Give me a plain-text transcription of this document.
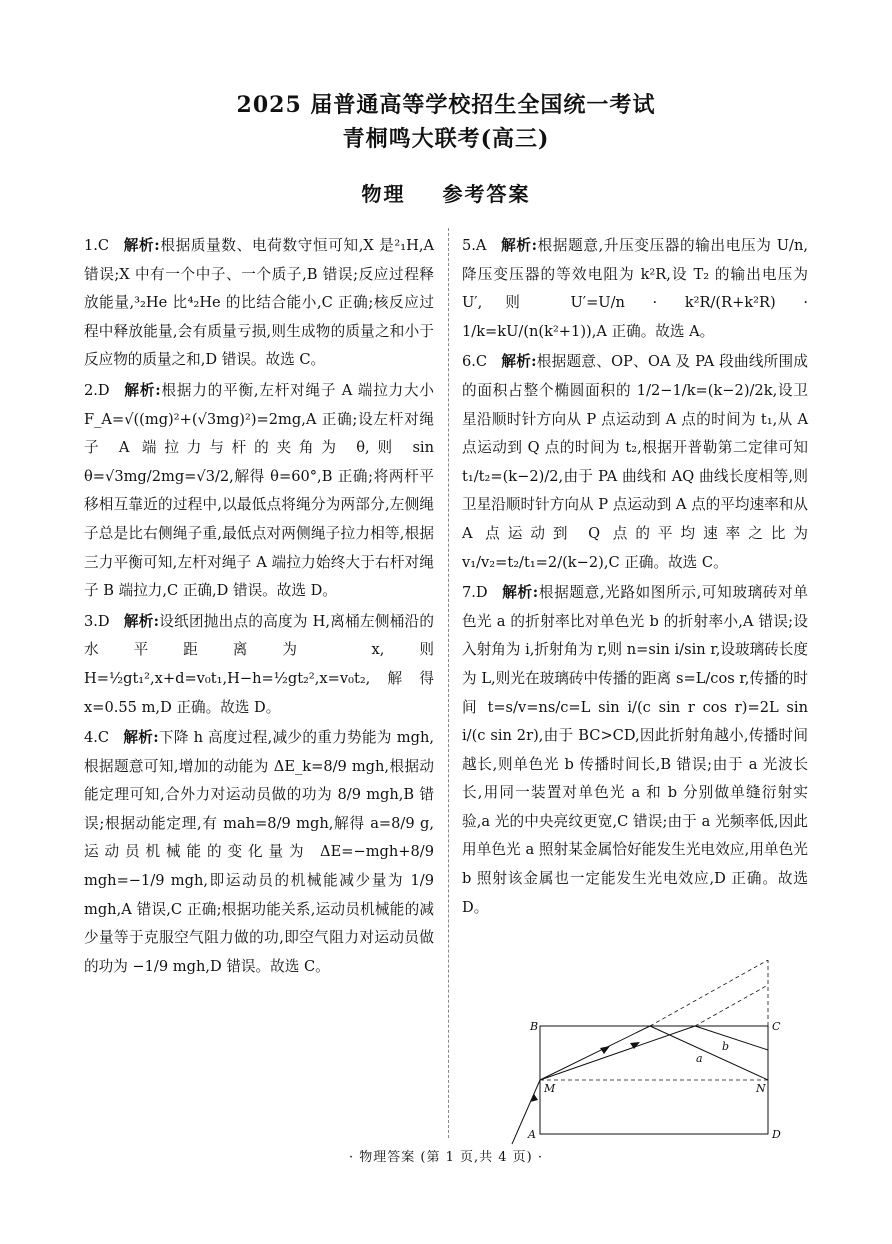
2025 届普通高等学校招生全国统一考试
青桐鸣大联考(高三)
物理 参考答案

1.C 解析:根据质量数、电荷数守恒可知,X 是²₁H,A 错误;X 中有一个中子、一个质子,B 错误;反应过程释放能量,³₂He 比⁴₂He 的比结合能小,C 正确;核反应过程中释放能量,会有质量亏损,则生成物的质量之和小于反应物的质量之和,D 错误。故选 C。

2.D 解析:根据力的平衡,左杆对绳子 A 端拉力大小 F_A=√((mg)²+(√3mg)²)=2mg,A 正确;设左杆对绳子 A 端拉力与杆的夹角为 θ,则 sin θ=√3mg/2mg=√3/2,解得 θ=60°,B 正确;将两杆平移相互靠近的过程中,以最低点将绳分为两部分,左侧绳子总是比右侧绳子重,最低点对两侧绳子拉力相等,根据三力平衡可知,左杆对绳子 A 端拉力始终大于右杆对绳子 B 端拉力,C 正确,D 错误。故选 D。

3.D 解析:设纸团抛出点的高度为 H,离桶左侧桶沿的水平距离为 x,则 H=½gt₁²,x+d=v₀t₁,H−h=½gt₂²,x=v₀t₂,解得 x=0.55 m,D 正确。故选 D。

4.C 解析:下降 h 高度过程,减少的重力势能为 mgh,根据题意可知,增加的动能为 ΔE_k=8/9 mgh,根据动能定理可知,合外力对运动员做的功为 8/9 mgh,B 错误;根据动能定理,有 mah=8/9 mgh,解得 a=8/9 g,运动员机械能的变化量为 ΔE=−mgh+8/9 mgh=−1/9 mgh,即运动员的机械能减少量为 1/9 mgh,A 错误,C 正确;根据功能关系,运动员机械能的减少量等于克服空气阻力做的功,即空气阻力对运动员做的功为 −1/9 mgh,D 错误。故选 C。

5.A 解析:根据题意,升压变压器的输出电压为 U/n,降压变压器的等效电阻为 k²R,设 T₂ 的输出电压为 U′,则 U′=U/n · k²R/(R+k²R) · 1/k=kU/(n(k²+1)),A 正确。故选 A。

6.C 解析:根据题意、OP、OA 及 PA 段曲线所围成的面积占整个椭圆面积的 1/2−1/k=(k−2)/2k,设卫星沿顺时针方向从 P 点运动到 A 点的时间为 t₁,从 A 点运动到 Q 点的时间为 t₂,根据开普勒第二定律可知 t₁/t₂=(k−2)/2,由于 PA 曲线和 AQ 曲线长度相等,则卫星沿顺时针方向从 P 点运动到 A 点的平均速率和从 A 点运动到 Q 点的平均速率之比为 v₁/v₂=t₂/t₁=2/(k−2),C 正确。故选 C。

7.D 解析:根据题意,光路如图所示,可知玻璃砖对单色光 a 的折射率比对单色光 b 的折射率小,A 错误;设入射角为 i,折射角为 r,则 n=sin i/sin r,设玻璃砖长度为 L,则光在玻璃砖中传播的距离 s=L/cos r,传播的时间 t=s/v=ns/c=L sin i/(c sin r cos r)=2L sin i/(c sin 2r),由于 BC>CD,因此折射角越小,传播时间越长,则单色光 b 传播时间长,B 错误;由于 a 光波长长,用同一装置对单色光 a 和 b 分别做单缝衍射实验,a 光的中央亮纹更宽,C 错误;由于 a 光频率低,因此用单色光 a 照射某金属恰好能发生光电效应,用单色光 b 照射该金属也一定能发生光电效应,D 正确。故选 D。

B	C
M	N
A	D
a
b
· 物理答案 (第 1 页,共 4 页) ·
